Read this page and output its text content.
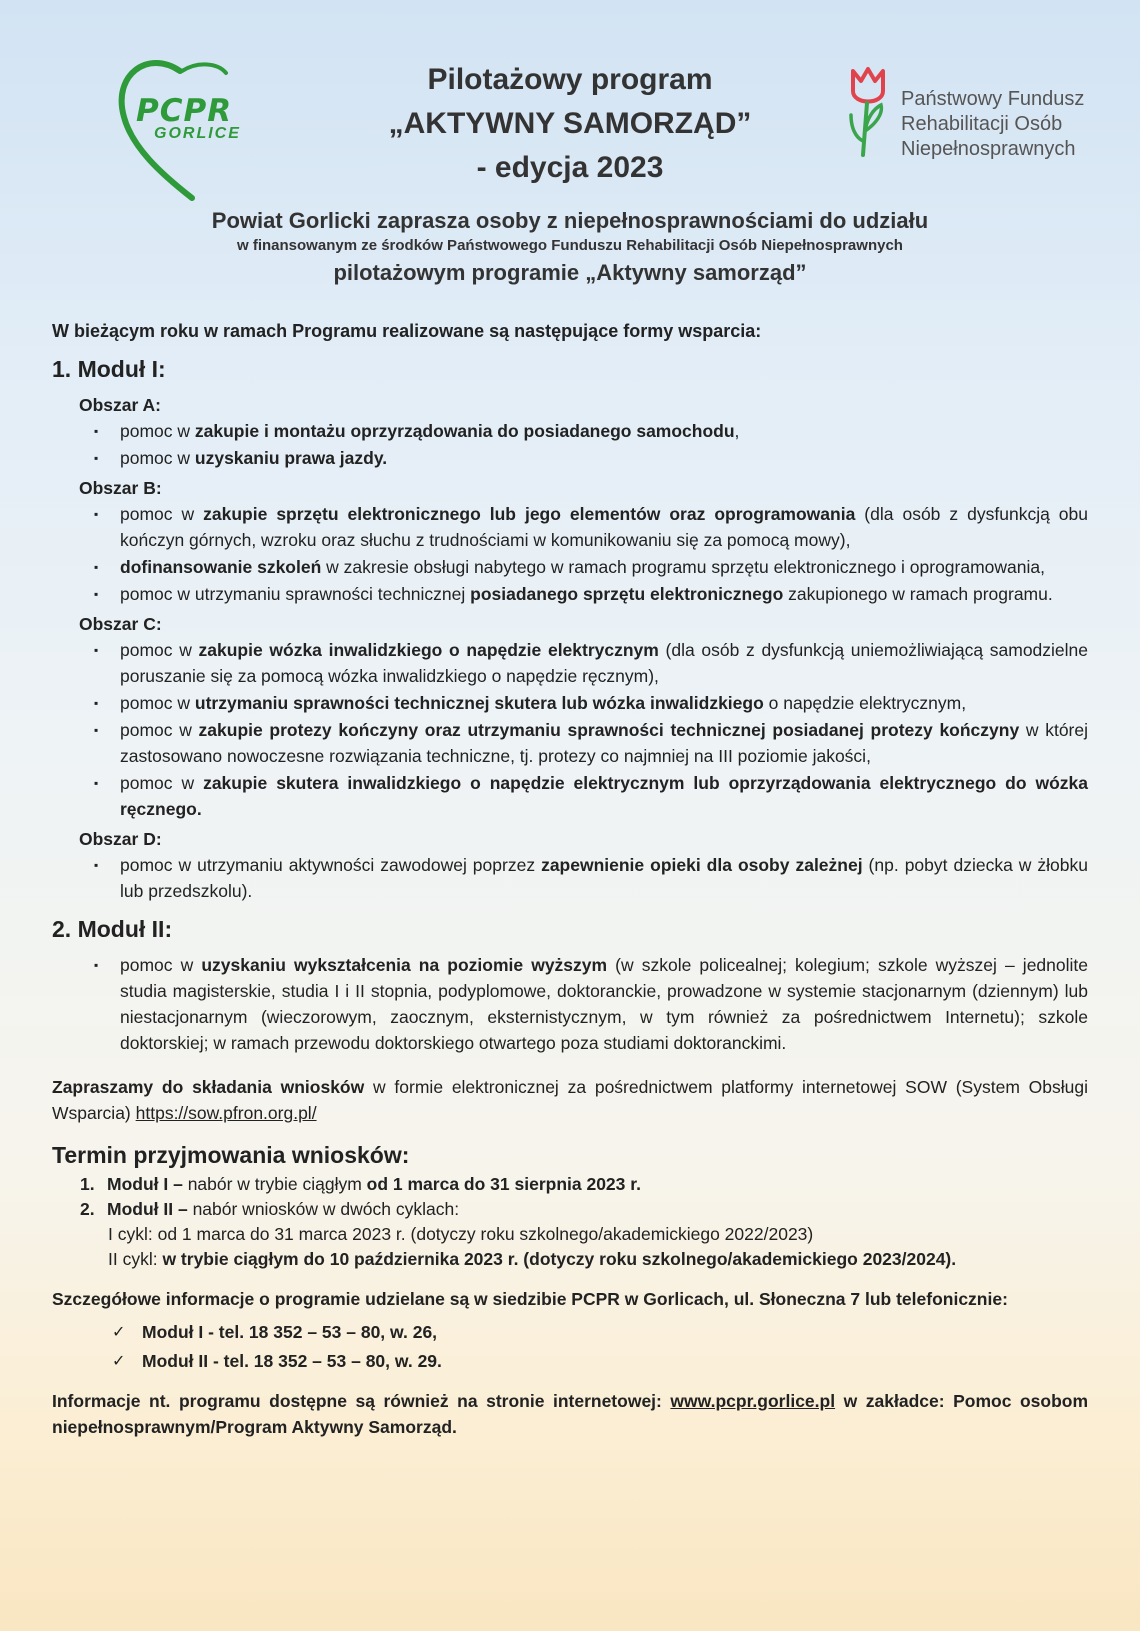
PCPR
GORLICE
Pilotażowy program
„AKTYWNY SAMORZĄD”
- edycja 2023
Państwowy Fundusz
Rehabilitacji Osób
Niepełnosprawnych
Powiat Gorlicki zaprasza osoby z niepełnosprawnościami do udziału
w finansowanym ze środków Państwowego Funduszu Rehabilitacji Osób Niepełnosprawnych
pilotażowym programie „Aktywny samorząd”
W bieżącym roku w ramach Programu realizowane są następujące formy wsparcia:
1. Moduł I:
Obszar A:
▪ pomoc w zakupie i montażu oprzyrządowania do posiadanego samochodu,
▪ pomoc w uzyskaniu prawa jazdy.
Obszar B:
▪ pomoc w zakupie sprzętu elektronicznego lub jego elementów oraz oprogramowania (dla osób z dysfunkcją obu kończyn górnych, wzroku oraz słuchu z trudnościami w komunikowaniu się za pomocą mowy),
▪ dofinansowanie szkoleń w zakresie obsługi nabytego w ramach programu sprzętu elektronicznego i oprogramowania,
▪ pomoc w utrzymaniu sprawności technicznej posiadanego sprzętu elektronicznego zakupionego w ramach programu.
Obszar C:
▪ pomoc w zakupie wózka inwalidzkiego o napędzie elektrycznym (dla osób z dysfunkcją uniemożliwiającą samodzielne poruszanie się za pomocą wózka inwalidzkiego o napędzie ręcznym),
▪ pomoc w utrzymaniu sprawności technicznej skutera lub wózka inwalidzkiego o napędzie elektrycznym,
▪ pomoc w zakupie protezy kończyny oraz utrzymaniu sprawności technicznej posiadanej protezy kończyny w której zastosowano nowoczesne rozwiązania techniczne, tj. protezy co najmniej na III poziomie jakości,
▪ pomoc w zakupie skutera inwalidzkiego o napędzie elektrycznym lub oprzyrządowania elektrycznego do wózka ręcznego.
Obszar D:
▪ pomoc w utrzymaniu aktywności zawodowej poprzez zapewnienie opieki dla osoby zależnej (np. pobyt dziecka w żłobku lub przedszkolu).
2. Moduł II:
▪ pomoc w uzyskaniu wykształcenia na poziomie wyższym (w szkole policealnej; kolegium; szkole wyższej – jednolite studia magisterskie, studia I i II stopnia, podyplomowe, doktoranckie, prowadzone w systemie stacjonarnym (dziennym) lub niestacjonarnym (wieczorowym, zaocznym, eksternistycznym, w tym również za pośrednictwem Internetu); szkole doktorskiej; w ramach przewodu doktorskiego otwartego poza studiami doktoranckimi.
Zapraszamy do składania wniosków w formie elektronicznej za pośrednictwem platformy internetowej SOW (System Obsługi Wsparcia) https://sow.pfron.org.pl/
Termin przyjmowania wniosków:
1. Moduł I – nabór w trybie ciągłym od 1 marca do 31 sierpnia 2023 r.
2. Moduł II – nabór wniosków w dwóch cyklach:
I cykl: od 1 marca do 31 marca 2023 r. (dotyczy roku szkolnego/akademickiego 2022/2023)
II cykl: w trybie ciągłym do 10 października 2023 r. (dotyczy roku szkolnego/akademickiego 2023/2024).
Szczegółowe informacje o programie udzielane są w siedzibie PCPR w Gorlicach, ul. Słoneczna 7 lub telefonicznie:
✓ Moduł I - tel. 18 352 – 53 – 80, w. 26,
✓ Moduł II - tel. 18 352 – 53 – 80, w. 29.
Informacje nt. programu dostępne są również na stronie internetowej: www.pcpr.gorlice.pl w zakładce: Pomoc osobom niepełnosprawnym/Program Aktywny Samorząd.
